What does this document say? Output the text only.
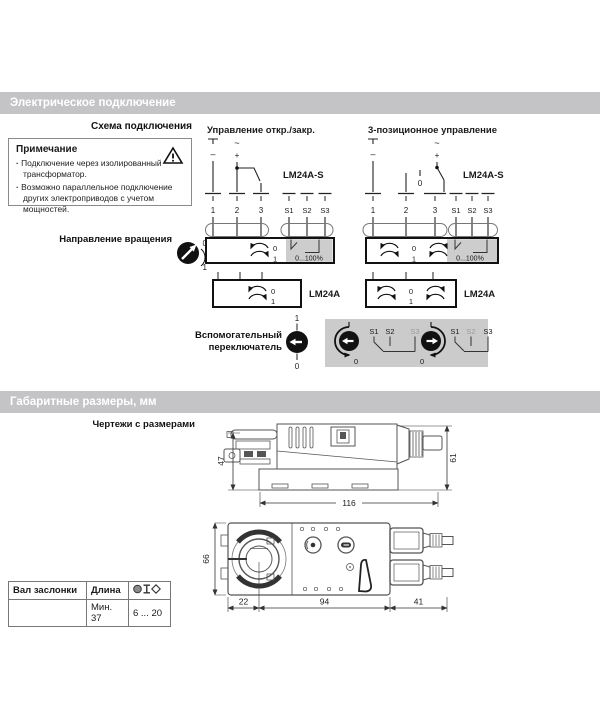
Электрическое подключение
Схема подключения
Примечание
· Подключение через изолированный трансформатор.
· Возможно параллельное подключение других электроприводов с учетом мощностей.
Направление вращения
Вспомогательный
переключатель
Управление откр./закр.
–
~
+
1 2 3	S1 S2 S3
LM24A-S
0...100%
0
1
0
1
LM24A
0
1
3-позиционное управление
–
~
+
0
1	2	3 S1 S2 S3
LM24A-S
0...100%
0
1
0
1
LM24A
1
0
0
S1 S2 S3
0
S1 S2 S3
Габаритные размеры, мм
Чертежи с размерами
47	61
116
66
22	94	41
Вал заслонки	Длина	
	Мин. 37	6 ... 20
